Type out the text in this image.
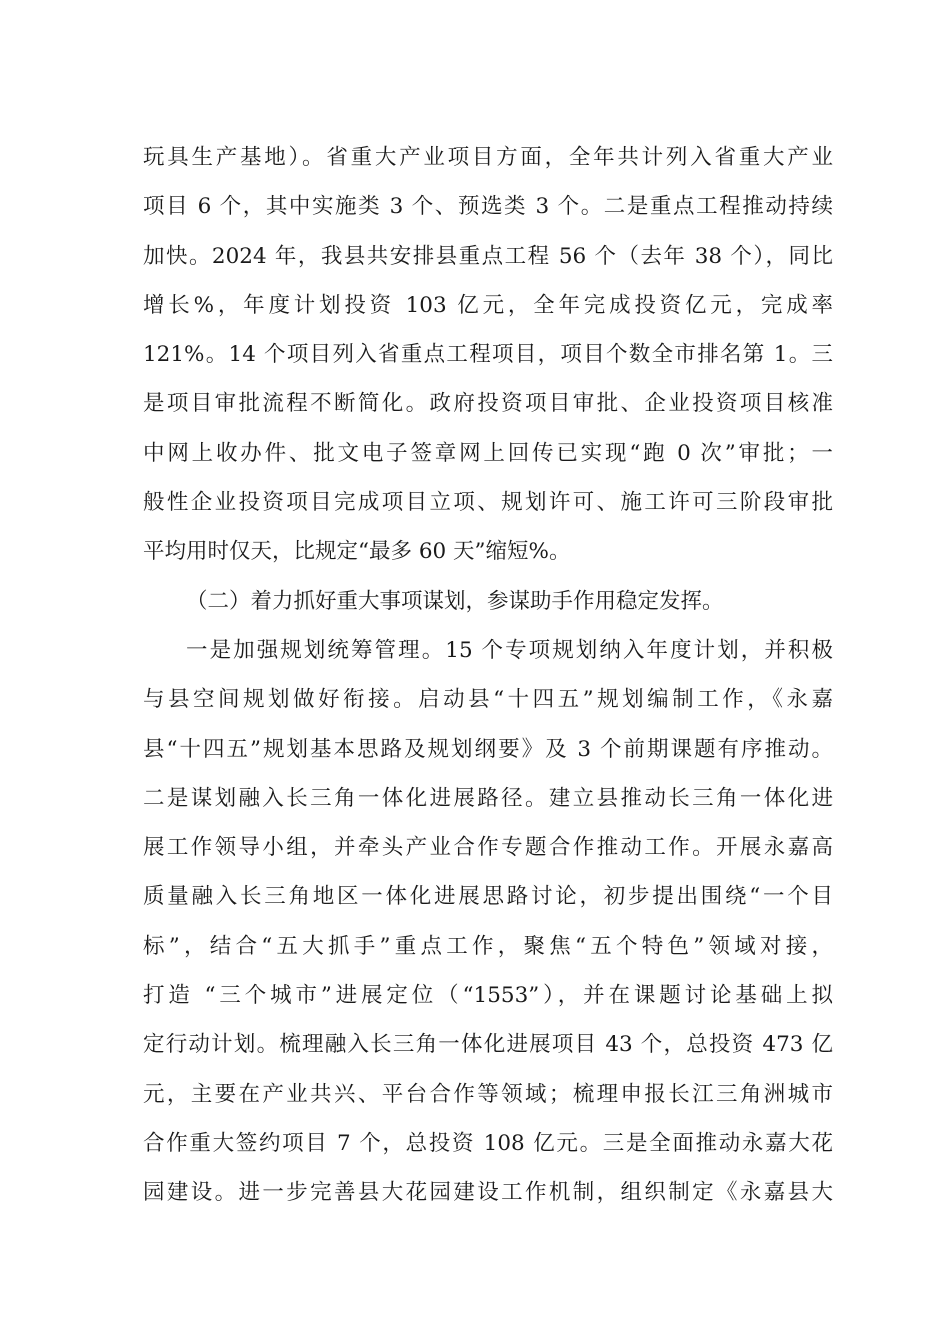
玩具生产基地）。省重大产业项目方面，全年共计列入省重大产业
项目 6 个，其中实施类 3 个、预选类 3 个。二是重点工程推动持续
加快。2024 年，我县共安排县重点工程 56 个（去年 38 个），同比
增长%，年度计划投资 103 亿元，全年完成投资亿元，完成率
121%。14 个项目列入省重点工程项目，项目个数全市排名第 1。三
是项目审批流程不断简化。政府投资项目审批、企业投资项目核准
中网上收办件、批文电子签章网上回传已实现“跑 0 次”审批；一
般性企业投资项目完成项目立项、规划许可、施工许可三阶段审批
平均用时仅天，比规定“最多 60 天”缩短%。
（二）着力抓好重大事项谋划，参谋助手作用稳定发挥。
一是加强规划统筹管理。15 个专项规划纳入年度计划，并积极
与县空间规划做好衔接。启动县“十四五”规划编制工作，《永嘉
县“十四五”规划基本思路及规划纲要》及 3 个前期课题有序推动。
二是谋划融入长三角一体化进展路径。建立县推动长三角一体化进
展工作领导小组，并牵头产业合作专题合作推动工作。开展永嘉高
质量融入长三角地区一体化进展思路讨论，初步提出围绕“一个目
标”，结合“五大抓手”重点工作，聚焦“五个特色”领域对接，
打造 “三个城市”进展定位（“1553”），并在课题讨论基础上拟
定行动计划。梳理融入长三角一体化进展项目 43 个，总投资 473 亿
元，主要在产业共兴、平台合作等领域；梳理申报长江三角洲城市
合作重大签约项目 7 个，总投资 108 亿元。三是全面推动永嘉大花
园建设。进一步完善县大花园建设工作机制，组织制定《永嘉县大
